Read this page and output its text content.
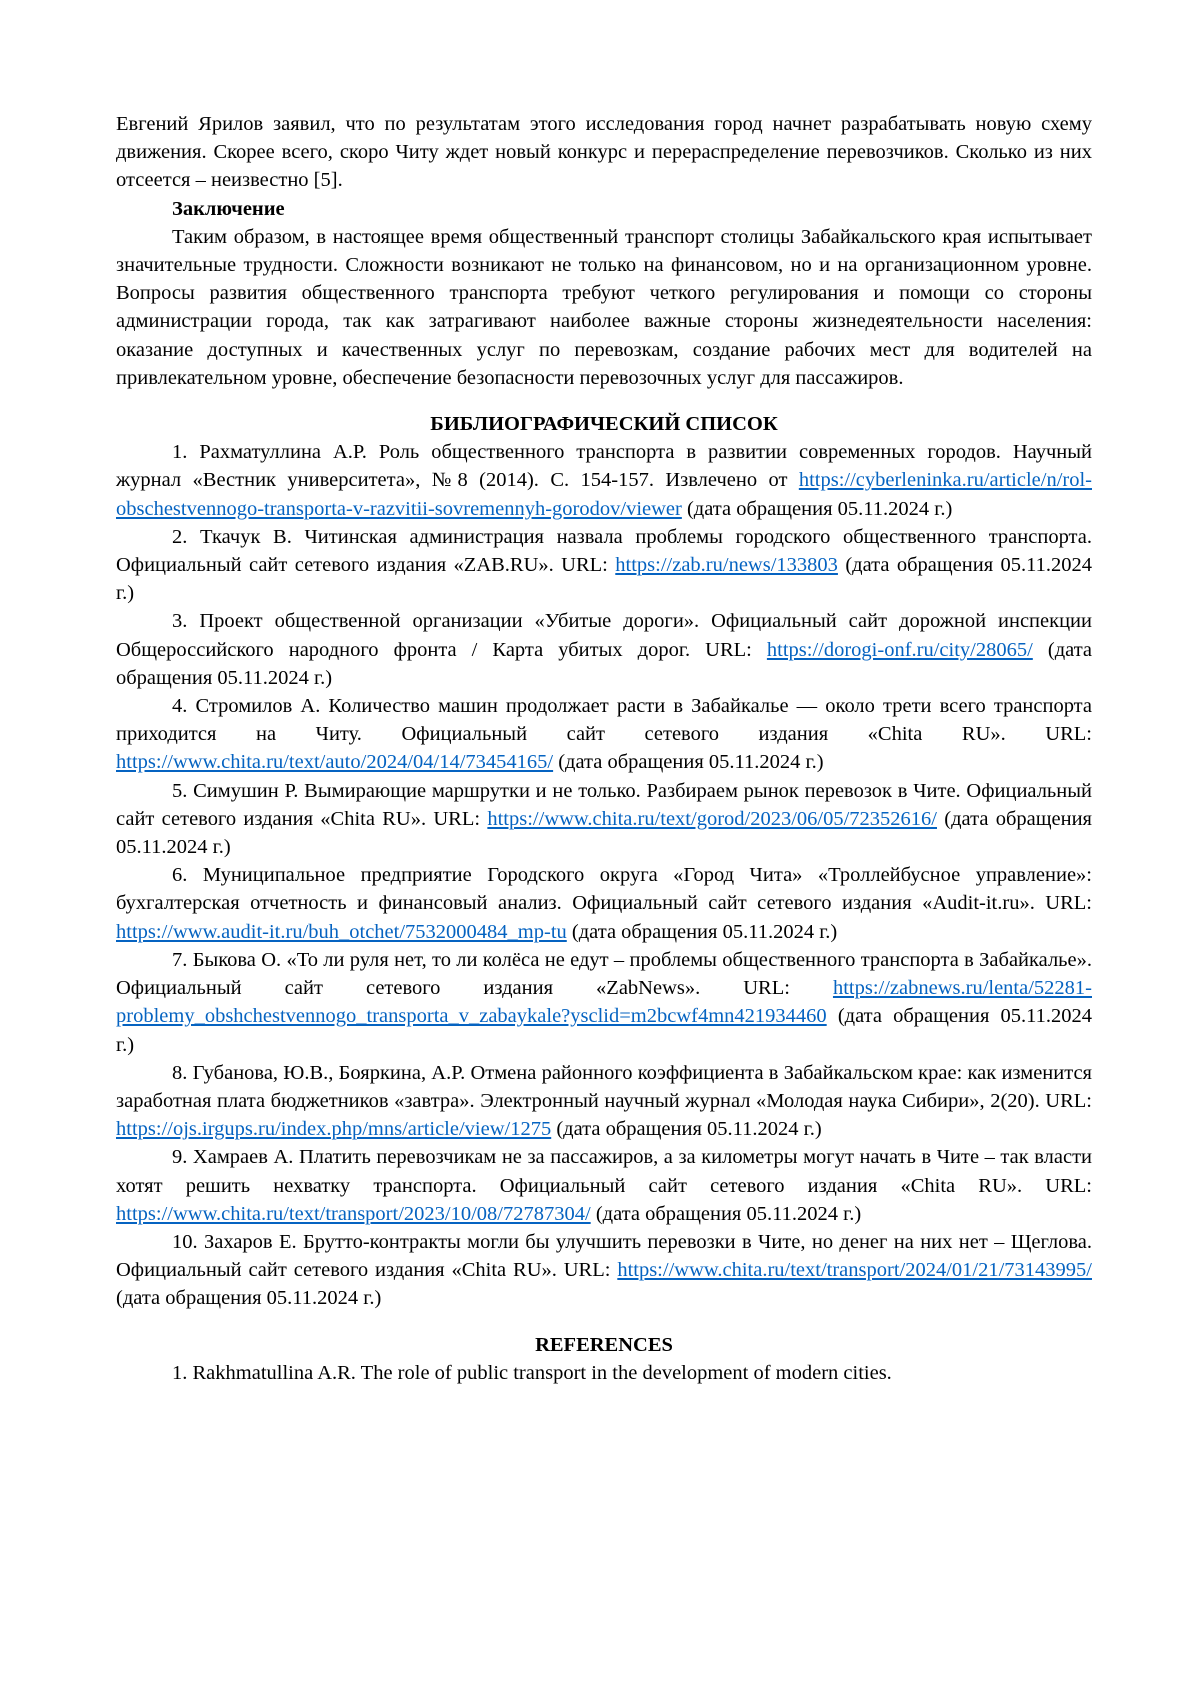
Евгений Ярилов заявил, что по результатам этого исследования город начнет разрабатывать новую схему движения. Скорее всего, скоро Читу ждет новый конкурс и перераспределение перевозчиков. Сколько из них отсеется – неизвестно [5].

Заключение

Таким образом, в настоящее время общественный транспорт столицы Забайкальского края испытывает значительные трудности. Сложности возникают не только на финансовом, но и на организационном уровне. Вопросы развития общественного транспорта требуют четкого регулирования и помощи со стороны администрации города, так как затрагивают наиболее важные стороны жизнедеятельности населения: оказание доступных и качественных услуг по перевозкам, создание рабочих мест для водителей на привлекательном уровне, обеспечение безопасности перевозочных услуг для пассажиров.

БИБЛИОГРАФИЧЕСКИЙ СПИСОК

1. Рахматуллина А.Р. Роль общественного транспорта в развитии современных городов. Научный журнал «Вестник университета», №8 (2014). С. 154-157. Извлечено от https://cyberleninka.ru/article/n/rol-obschestvennogo-transporta-v-razvitii-sovremennyh-gorodov/viewer (дата обращения 05.11.2024 г.)
2. Ткачук В. Читинская администрация назвала проблемы городского общественного транспорта. Официальный сайт сетевого издания «ZAB.RU». URL: https://zab.ru/news/133803 (дата обращения 05.11.2024 г.)
3. Проект общественной организации «Убитые дороги». Официальный сайт дорожной инспекции Общероссийского народного фронта / Карта убитых дорог. URL: https://dorogi-onf.ru/city/28065/ (дата обращения 05.11.2024 г.)
4. Стромилов А. Количество машин продолжает расти в Забайкалье — около трети всего транспорта приходится на Читу. Официальный сайт сетевого издания «Chita RU». URL: https://www.chita.ru/text/auto/2024/04/14/73454165/ (дата обращения 05.11.2024 г.)
5. Симушин Р. Вымирающие маршрутки и не только. Разбираем рынок перевозок в Чите. Официальный сайт сетевого издания «Chita RU». URL: https://www.chita.ru/text/gorod/2023/06/05/72352616/ (дата обращения 05.11.2024 г.)
6. Муниципальное предприятие Городского округа «Город Чита» «Троллейбусное управление»: бухгалтерская отчетность и финансовый анализ. Официальный сайт сетевого издания «Audit-it.ru». URL: https://www.audit-it.ru/buh_otchet/7532000484_mp-tu (дата обращения 05.11.2024 г.)
7. Быкова О. «То ли руля нет, то ли колёса не едут – проблемы общественного транспорта в Забайкалье». Официальный сайт сетевого издания «ZabNews». URL: https://zabnews.ru/lenta/52281-problemy_obshchestvennogo_transporta_v_zabaykale?ysclid=m2bcwf4mn421934460 (дата обращения 05.11.2024 г.)
8. Губанова, Ю.В., Бояркина, А.Р. Отмена районного коэффициента в Забайкальском крае: как изменится заработная плата бюджетников «завтра». Электронный научный журнал «Молодая наука Сибири», 2(20). URL: https://ojs.irgups.ru/index.php/mns/article/view/1275 (дата обращения 05.11.2024 г.)
9. Хамраев А. Платить перевозчикам не за пассажиров, а за километры могут начать в Чите – так власти хотят решить нехватку транспорта. Официальный сайт сетевого издания «Chita RU». URL: https://www.chita.ru/text/transport/2023/10/08/72787304/ (дата обращения 05.11.2024 г.)
10. Захаров Е. Брутто-контракты могли бы улучшить перевозки в Чите, но денег на них нет – Щеглова. Официальный сайт сетевого издания «Chita RU». URL: https://www.chita.ru/text/transport/2024/01/21/73143995/ (дата обращения 05.11.2024 г.)

REFERENCES

1. Rakhmatullina A.R. The role of public transport in the development of modern cities.
